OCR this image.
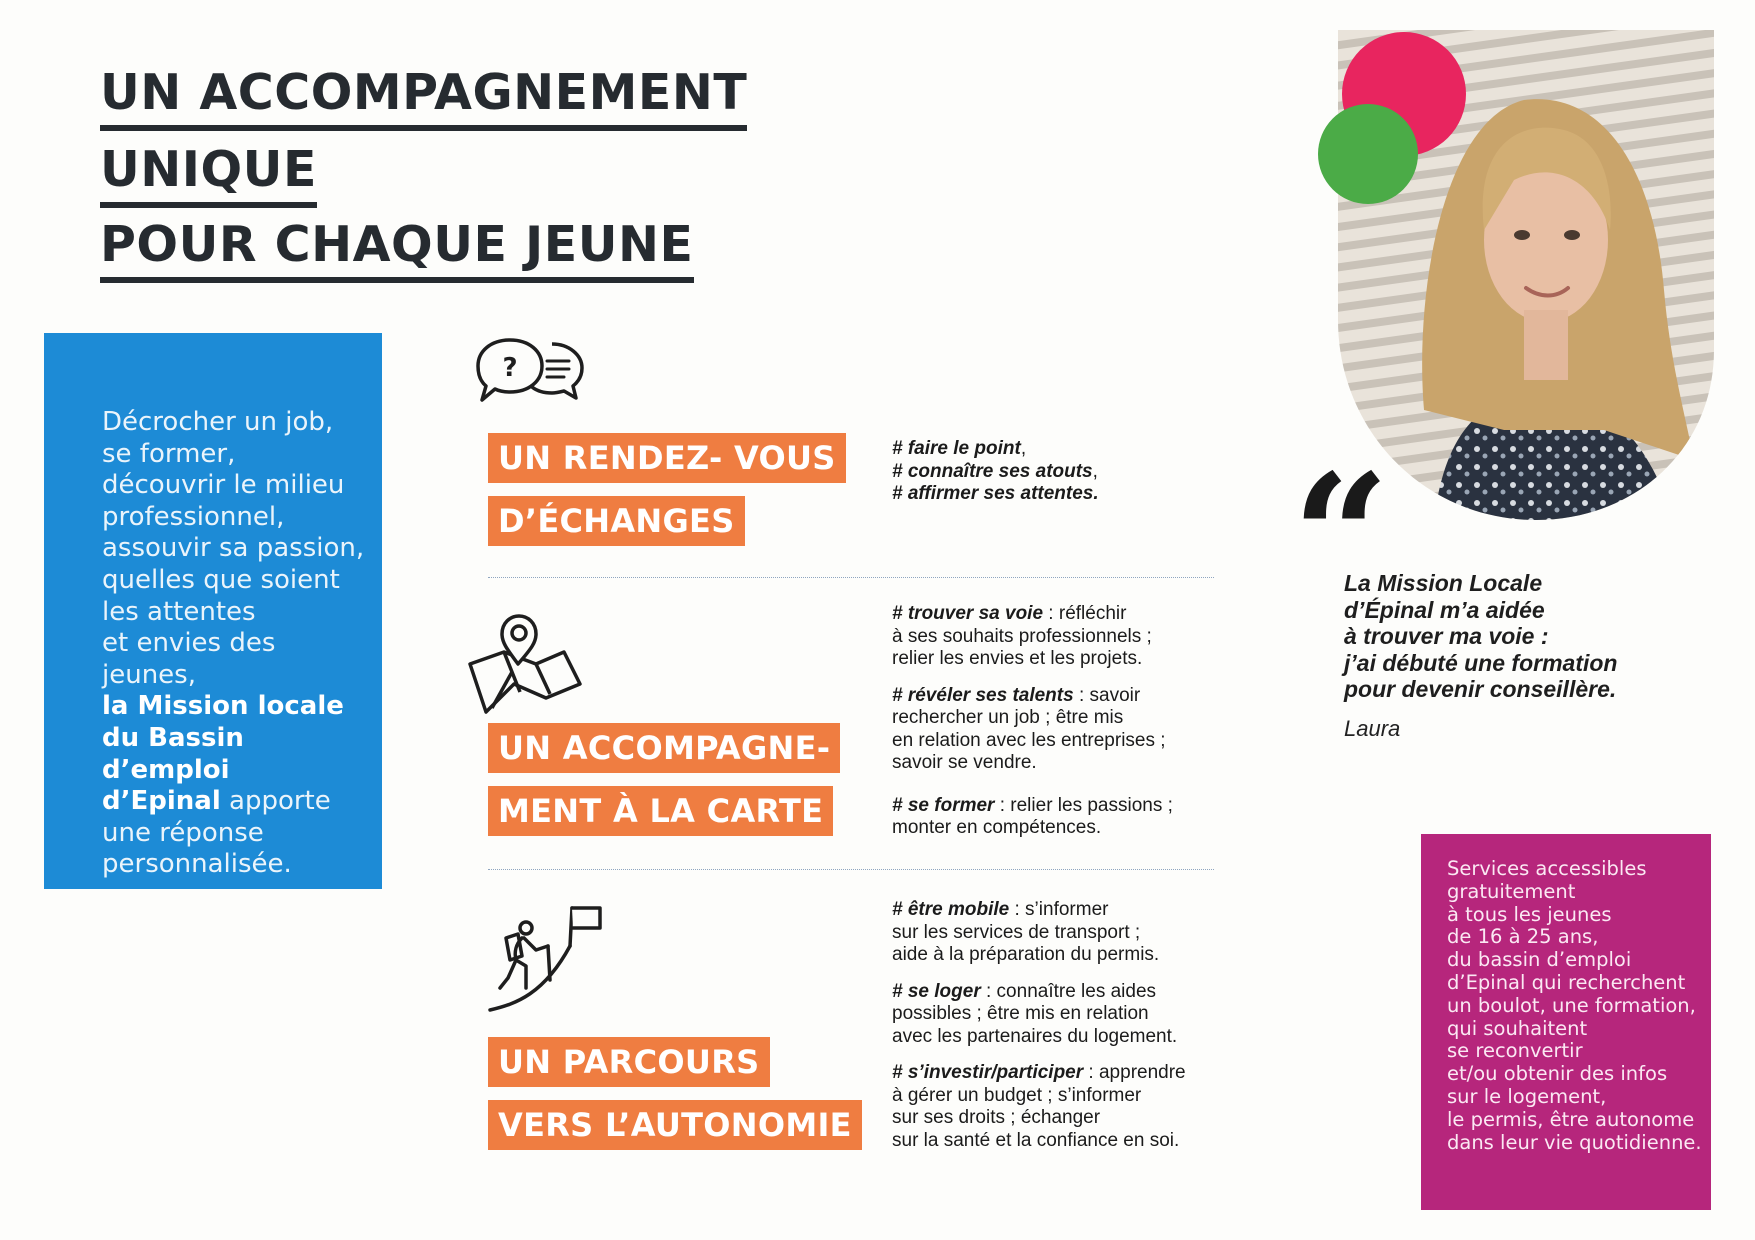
UN ACCOMPAGNEMENT
UNIQUE
POUR CHAQUE JEUNE
Décrocher un job,
se former,
découvrir le milieu
professionnel,
assouvir sa passion,
quelles que soient
les attentes
et envies des jeunes,
la Mission locale
du Bassin d’emploi
d’Epinal apporte
une réponse
personnalisée.
?
UN RENDEZ- VOUS
D’ÉCHANGES
# faire le point,
# connaître ses atouts,
# affirmer ses attentes.
UN ACCOMPAGNE-
MENT À LA CARTE

# trouver sa voie : réfléchir
à ses souhaits professionnels ;
relier les envies et les projets.

# révéler ses talents : savoir
rechercher un job ; être mis
en relation avec les entreprises ;
savoir se vendre.

# se former : relier les passions ;
monter en compétences.

UN PARCOURS
VERS L’AUTONOMIE

# être mobile : s’informer
sur les services de transport ;
aide à la préparation du permis.

# se loger : connaître les aides
possibles ; être mis en relation
avec les partenaires du logement.

# s’investir/participer : apprendre
à gérer un budget ; s’informer
sur ses droits ; échanger
sur la santé et la confiance en soi.

“
La Mission Locale
d’Épinal m’a aidée
à trouver ma voie :
j’ai débuté une formation
pour devenir conseillère.
Laura
Services accessibles
gratuitement
à tous les jeunes
de 16 à 25 ans,
du bassin d’emploi
d’Epinal qui recherchent
un boulot, une formation,
qui souhaitent
se reconvertir
et/ou obtenir des infos
sur le logement,
le permis, être autonome
dans leur vie quotidienne.
